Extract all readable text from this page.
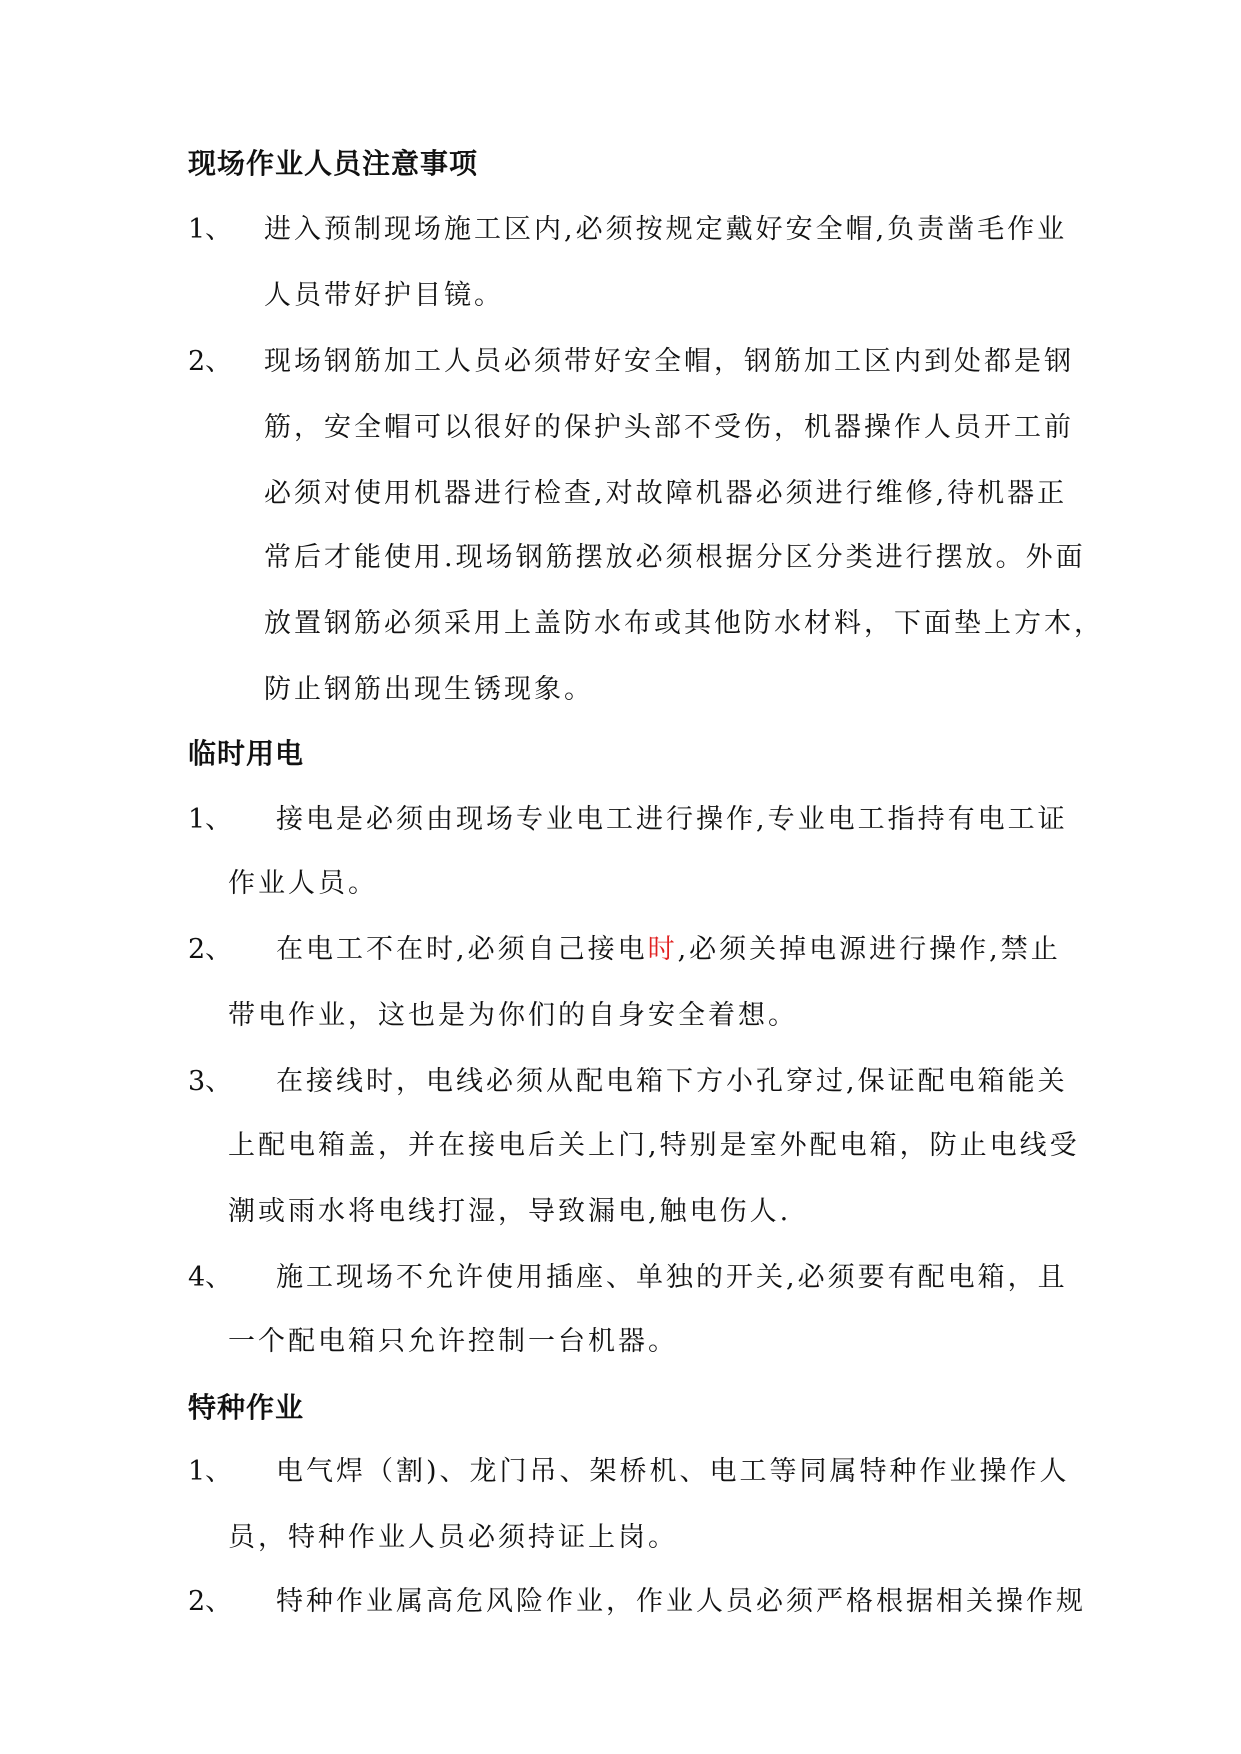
现场作业人员注意事项
1、 进入预制现场施工区内,必须按规定戴好安全帽,负责凿毛作业
人员带好护目镜。
2、 现场钢筋加工人员必须带好安全帽，钢筋加工区内到处都是钢
筋，安全帽可以很好的保护头部不受伤，机器操作人员开工前
必须对使用机器进行检查,对故障机器必须进行维修,待机器正
常后才能使用.现场钢筋摆放必须根据分区分类进行摆放。外面
放置钢筋必须采用上盖防水布或其他防水材料，下面垫上方木，
防止钢筋出现生锈现象。
临时用电
1、 接电是必须由现场专业电工进行操作,专业电工指持有电工证
作业人员。
2、 在电工不在时,必须自己接电时,必须关掉电源进行操作,禁止
带电作业，这也是为你们的自身安全着想。
3、 在接线时，电线必须从配电箱下方小孔穿过,保证配电箱能关
上配电箱盖，并在接电后关上门,特别是室外配电箱，防止电线受
潮或雨水将电线打湿，导致漏电,触电伤人.
4、 施工现场不允许使用插座、单独的开关,必须要有配电箱，且
一个配电箱只允许控制一台机器。
特种作业
1、 电气焊（割)、龙门吊、架桥机、电工等同属特种作业操作人
员，特种作业人员必须持证上岗。
2、 特种作业属高危风险作业，作业人员必须严格根据相关操作规
